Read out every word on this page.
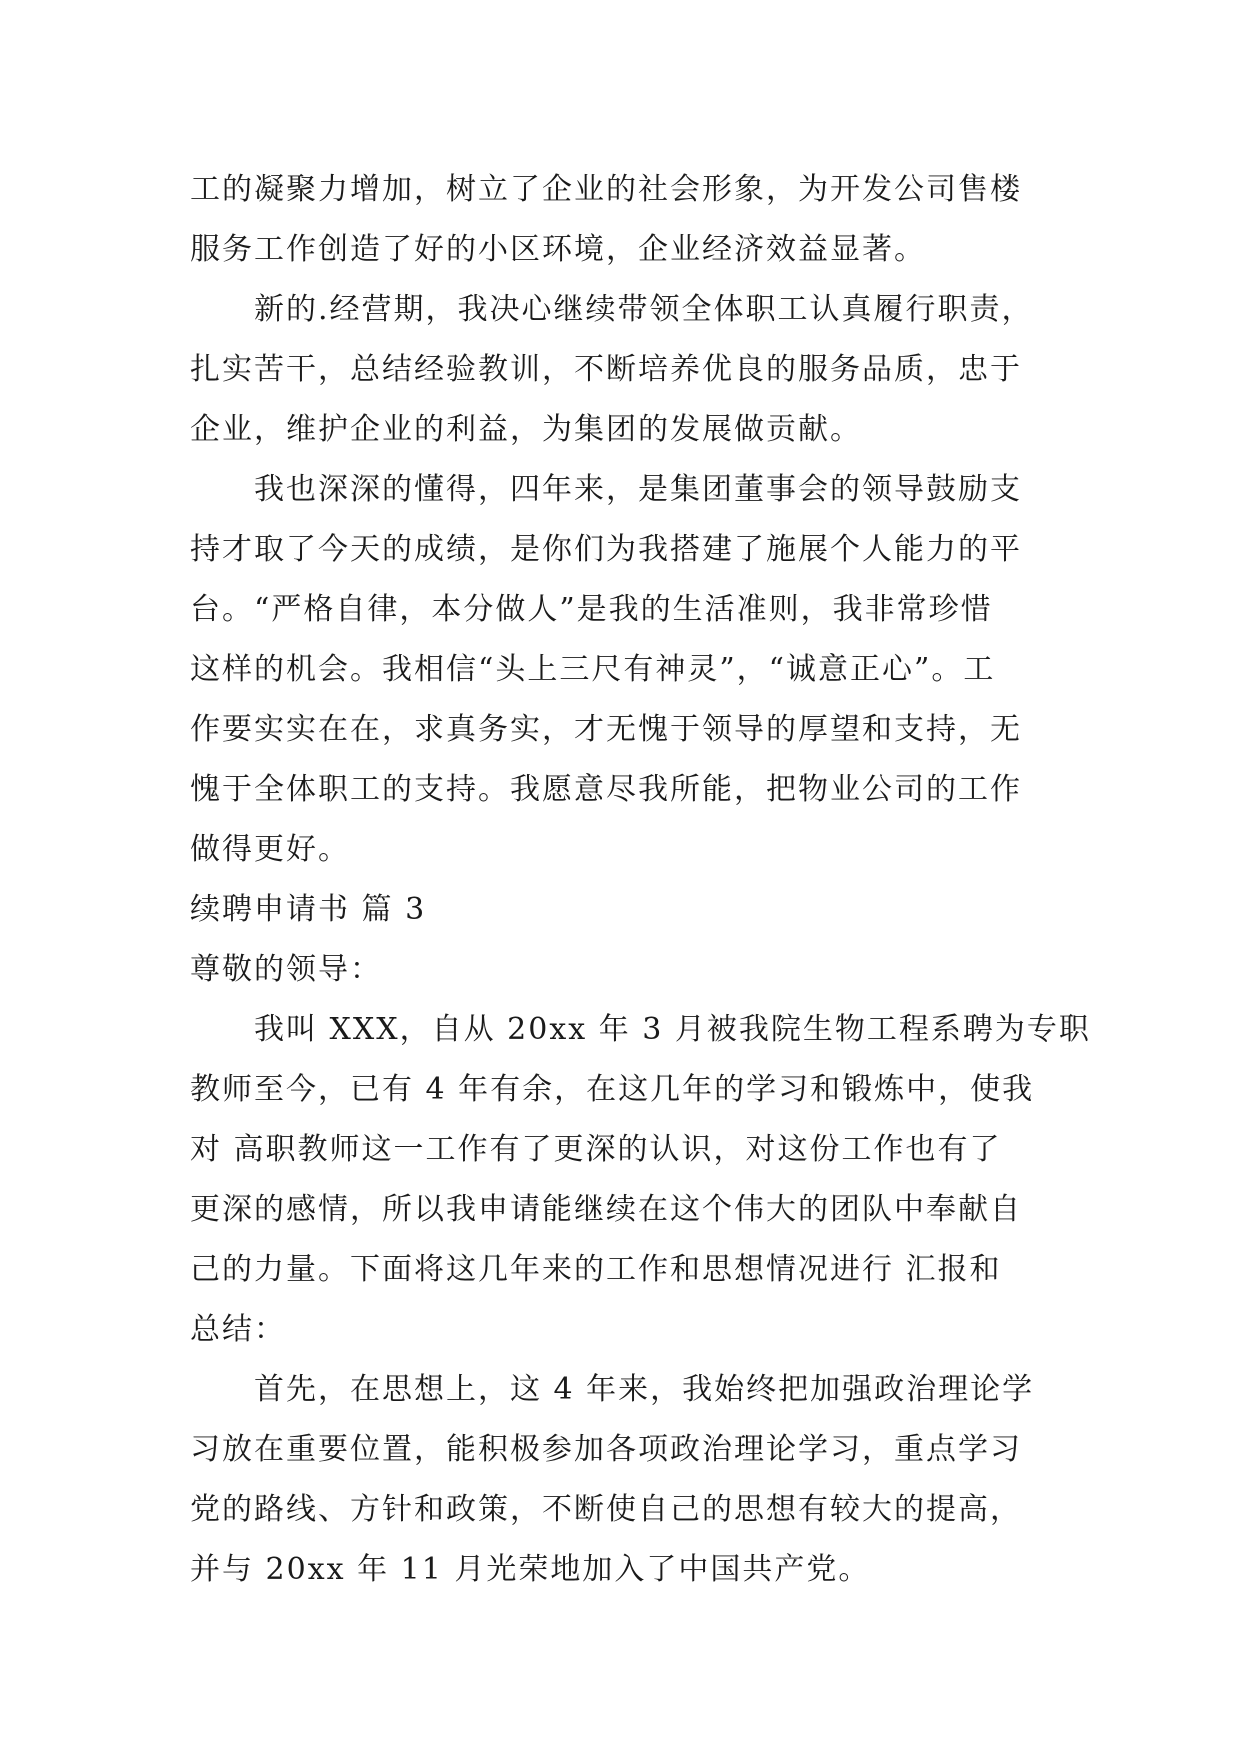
工的凝聚力增加，树立了企业的社会形象，为开发公司售楼
服务工作创造了好的小区环境，企业经济效益显著。
新的.经营期，我决心继续带领全体职工认真履行职责，
扎实苦干，总结经验教训，不断培养优良的服务品质，忠于
企业，维护企业的利益，为集团的发展做贡献。
我也深深的懂得，四年来，是集团董事会的领导鼓励支
持才取了今天的成绩，是你们为我搭建了施展个人能力的平
台。“严格自律，本分做人”是我的生活准则，我非常珍惜
这样的机会。我相信“头上三尺有神灵”，“诚意正心”。工
作要实实在在，求真务实，才无愧于领导的厚望和支持，无
愧于全体职工的支持。我愿意尽我所能，把物业公司的工作
做得更好。
续聘申请书 篇 3
尊敬的领导：
我叫 XXX，自从 20xx 年 3 月被我院生物工程系聘为专职
教师至今，已有 4 年有余，在这几年的学习和锻炼中，使我
对 高职教师这一工作有了更深的认识，对这份工作也有了
更深的感情，所以我申请能继续在这个伟大的团队中奉献自
己的力量。下面将这几年来的工作和思想情况进行 汇报和
总结：
首先，在思想上，这 4 年来，我始终把加强政治理论学
习放在重要位置，能积极参加各项政治理论学习，重点学习
党的路线、方针和政策，不断使自己的思想有较大的提高，
并与 20xx 年 11 月光荣地加入了中国共产党。
